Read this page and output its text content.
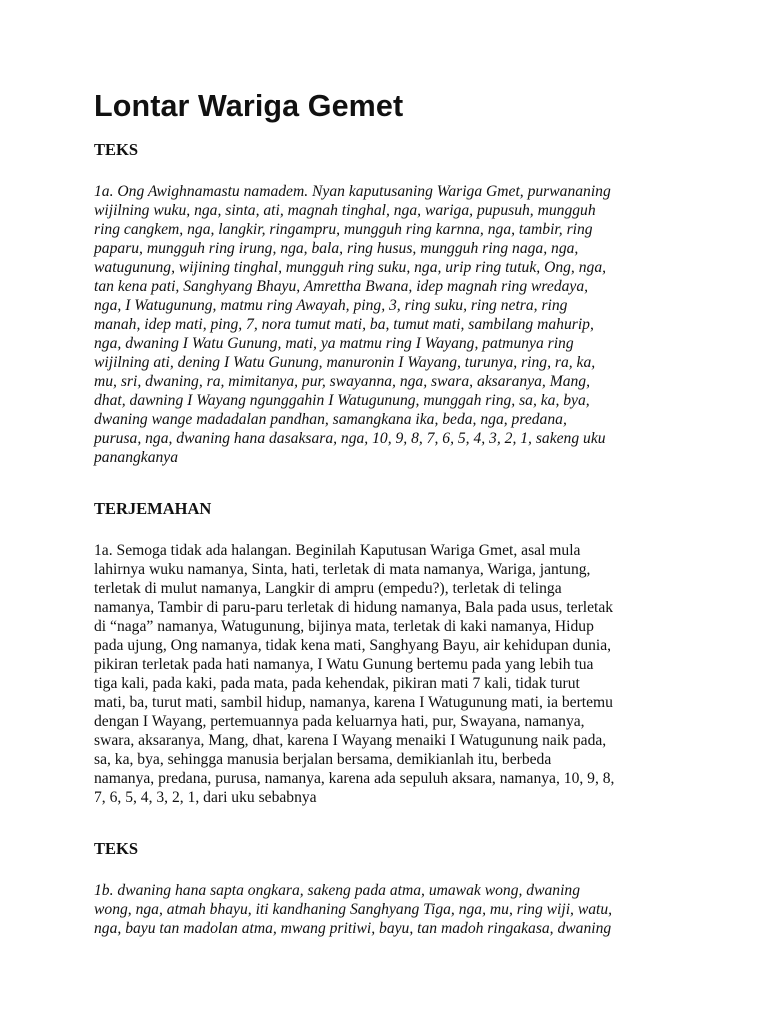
Lontar Wariga Gemet
TEKS
1a. Ong Awighnamastu namadem. Nyan kaputusaning Wariga Gmet, purwananing
wijilning wuku, nga, sinta, ati, magnah tinghal, nga, wariga, pupusuh, mungguh
ring cangkem, nga, langkir, ringampru, mungguh ring karnna, nga, tambir, ring
paparu, mungguh ring irung, nga, bala, ring husus, mungguh ring naga, nga,
watugunung, wijining tinghal, mungguh ring suku, nga, urip ring tutuk, Ong, nga,
tan kena pati, Sanghyang Bhayu, Amrettha Bwana, idep magnah ring wredaya,
nga, I Watugunung, matmu ring Awayah, ping, 3, ring suku, ring netra, ring
manah, idep mati, ping, 7, nora tumut mati, ba, tumut mati, sambilang mahurip,
nga, dwaning I Watu Gunung, mati, ya matmu ring I Wayang, patmunya ring
wijilning ati, dening I Watu Gunung, manuronin I Wayang, turunya, ring, ra, ka,
mu, sri, dwaning, ra, mimitanya, pur, swayanna, nga, swara, aksaranya, Mang,
dhat, dawning I Wayang ngunggahin I Watugunung, munggah ring, sa, ka, bya,
dwaning wange madadalan pandhan, samangkana ika, beda, nga, predana,
purusa, nga, dwaning hana dasaksara, nga, 10, 9, 8, 7, 6, 5, 4, 3, 2, 1, sakeng uku
panangkanya
TERJEMAHAN
1a. Semoga tidak ada halangan. Beginilah Kaputusan Wariga Gmet, asal mula
lahirnya wuku namanya, Sinta, hati, terletak di mata namanya, Wariga, jantung,
terletak di mulut namanya, Langkir di ampru (empedu?), terletak di telinga
namanya, Tambir di paru-paru terletak di hidung namanya, Bala pada usus, terletak
di “naga” namanya, Watugunung, bijinya mata, terletak di kaki namanya, Hidup
pada ujung, Ong namanya, tidak kena mati, Sanghyang Bayu, air kehidupan dunia,
pikiran terletak pada hati namanya, I Watu Gunung bertemu pada yang lebih tua
tiga kali, pada kaki, pada mata, pada kehendak, pikiran mati 7 kali, tidak turut
mati, ba, turut mati, sambil hidup, namanya, karena I Watugunung mati, ia bertemu
dengan I Wayang, pertemuannya pada keluarnya hati, pur, Swayana, namanya,
swara, aksaranya, Mang, dhat, karena I Wayang menaiki I Watugunung naik pada,
sa, ka, bya, sehingga manusia berjalan bersama, demikianlah itu, berbeda
namanya, predana, purusa, namanya, karena ada sepuluh aksara, namanya, 10, 9, 8,
7, 6, 5, 4, 3, 2, 1, dari uku sebabnya
TEKS
1b. dwaning hana sapta ongkara, sakeng pada atma, umawak wong, dwaning
wong, nga, atmah bhayu, iti kandhaning Sanghyang Tiga, nga, mu, ring wiji, watu,
nga, bayu tan madolan atma, mwang pritiwi, bayu, tan madoh ringakasa, dwaning
